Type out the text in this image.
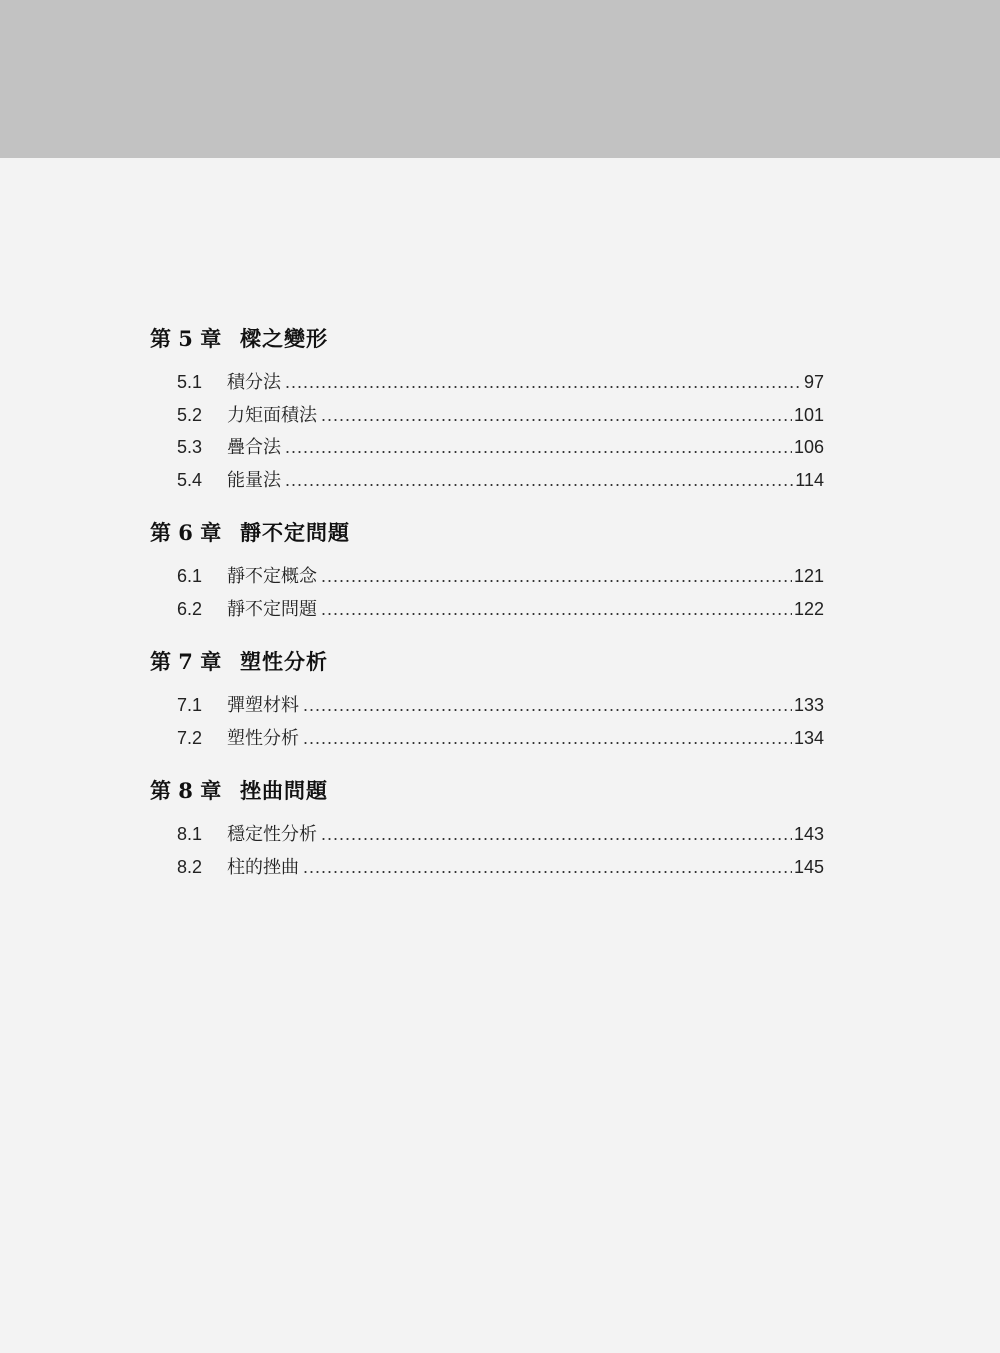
第 5 章 樑之變形
5.1	積分法 .....	97
5.2	力矩面積法 .....	101
5.3	疊合法 .....	106
5.4	能量法 .....	114
第 6 章 靜不定問題
6.1	靜不定概念 .....	121
6.2	靜不定問題 .....	122
第 7 章 塑性分析
7.1	彈塑材料 .....	133
7.2	塑性分析 .....	134
第 8 章 挫曲問題
8.1	穩定性分析 .....	143
8.2	柱的挫曲 .....	145
